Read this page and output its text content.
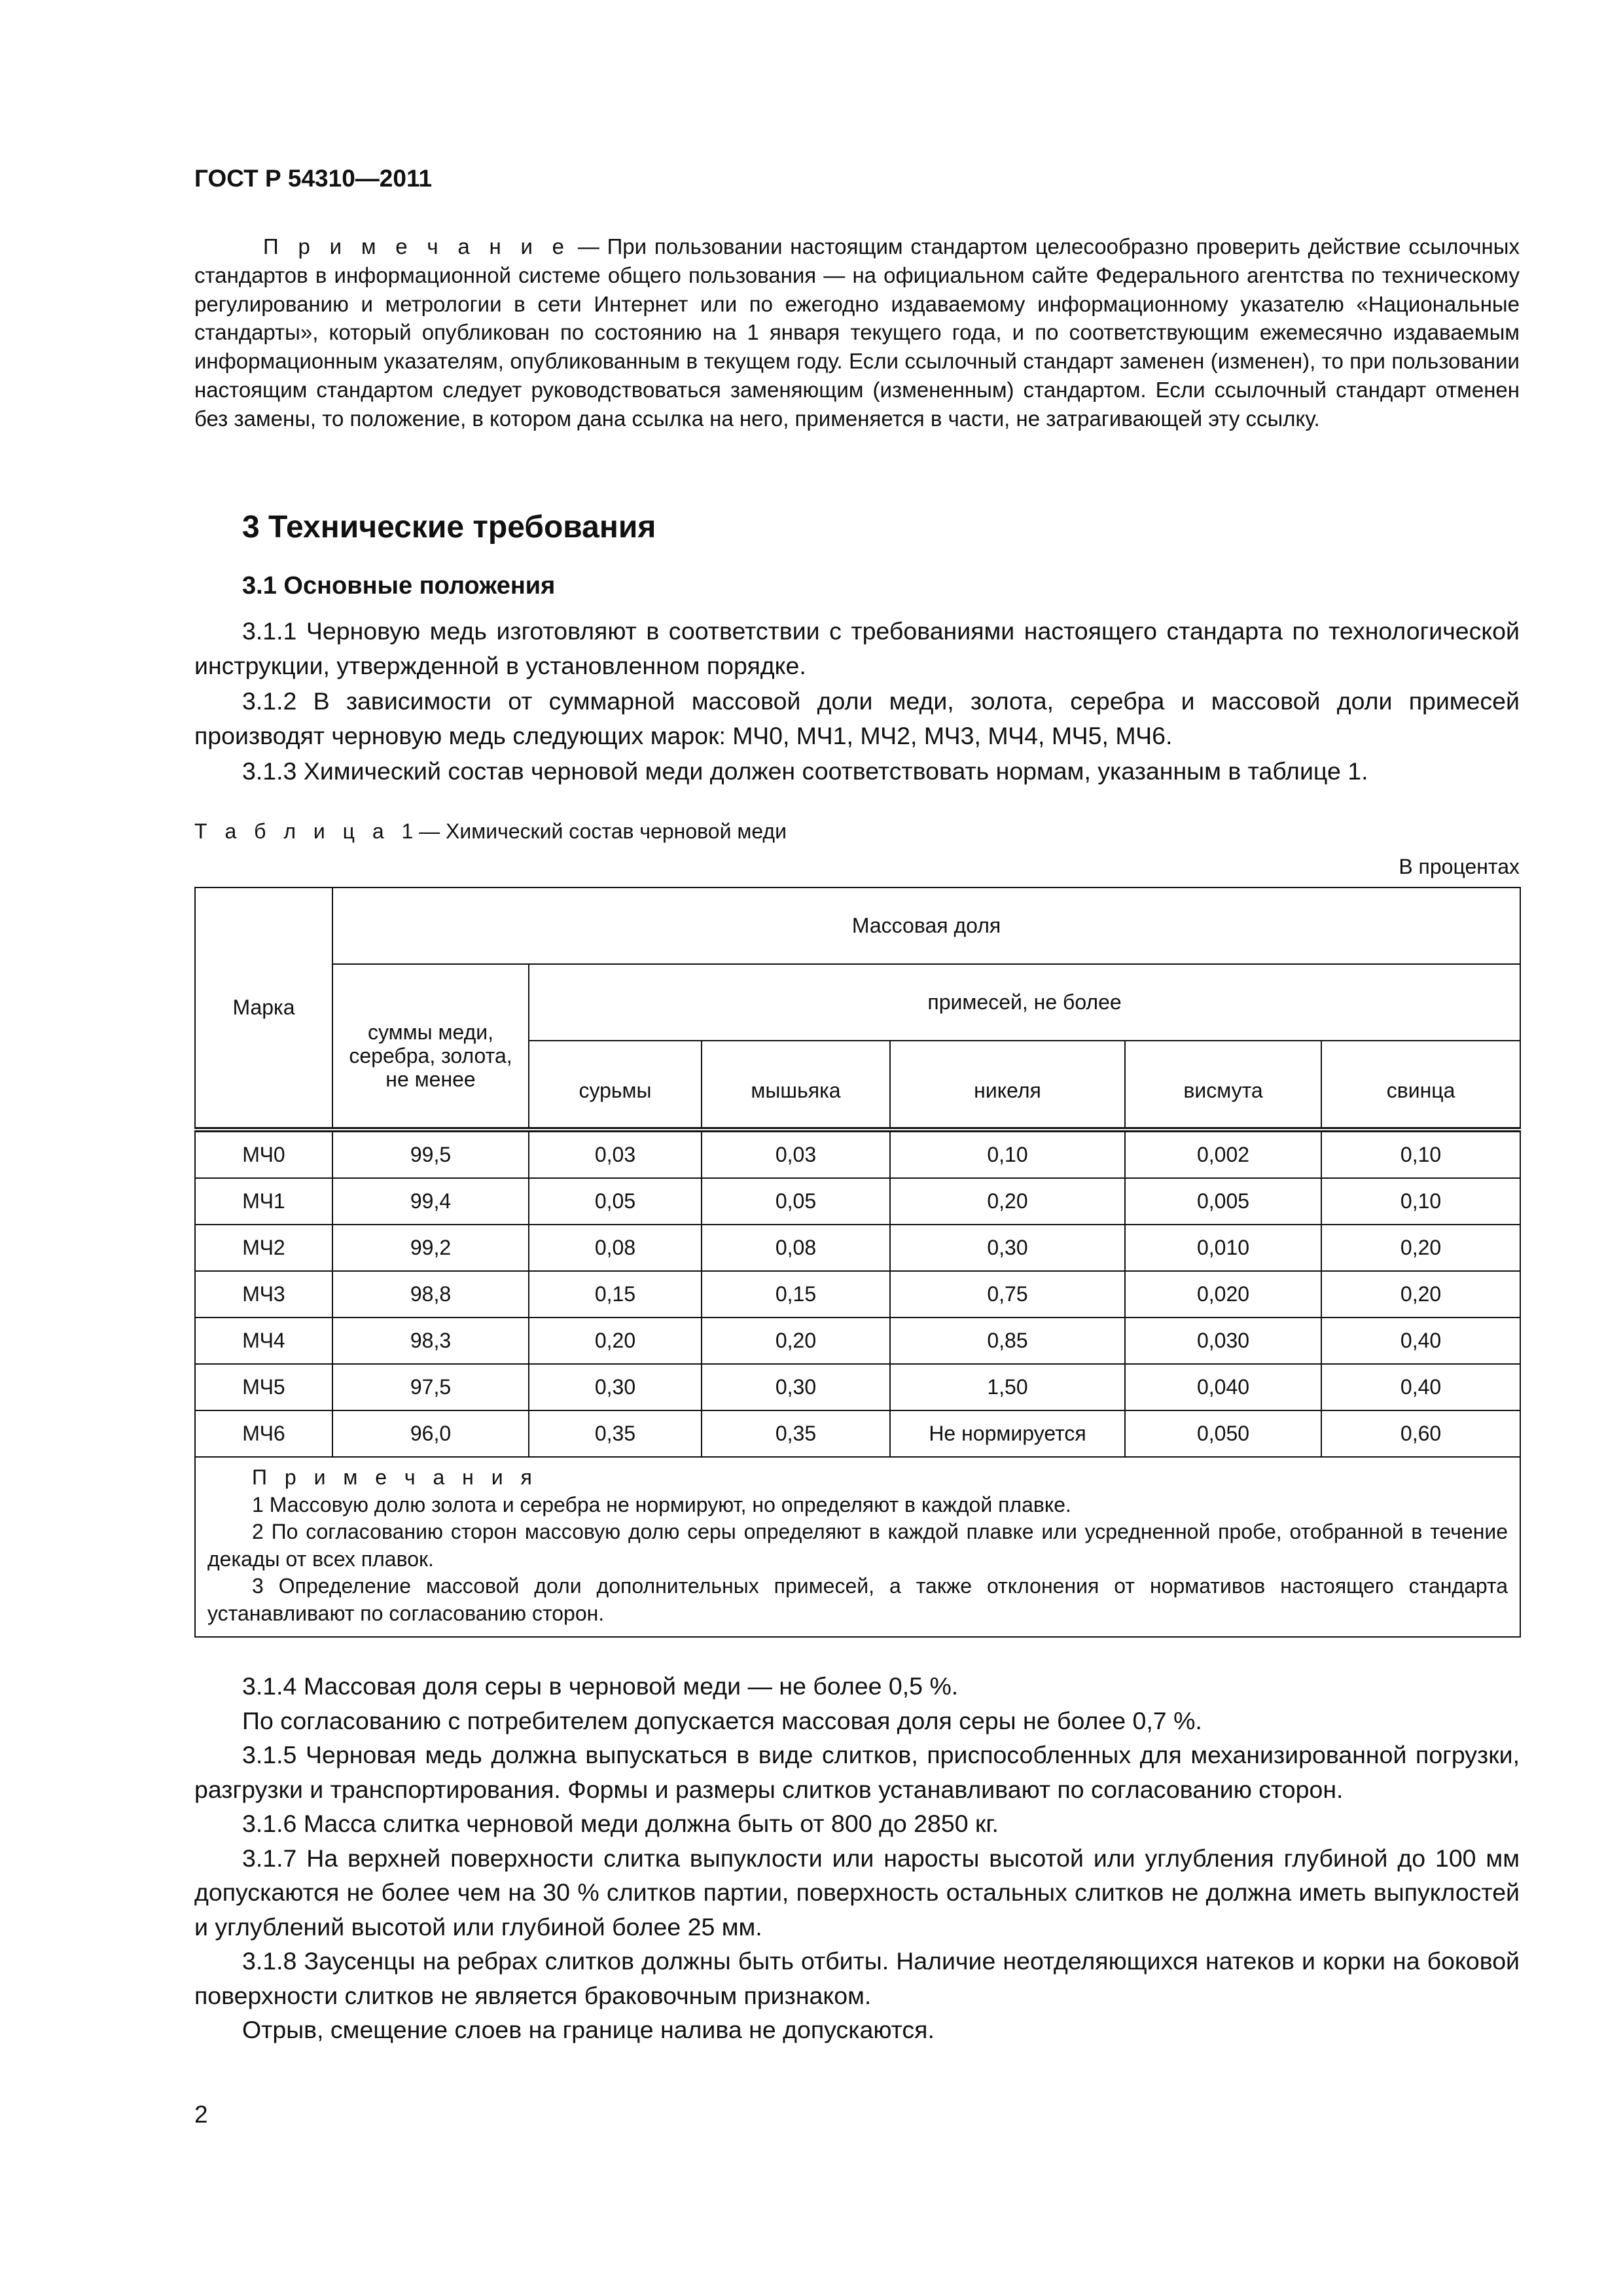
ГОСТ Р 54310—2011

П р и м е ч а н и е — При пользовании настоящим стандартом целесообразно проверить действие ссылочных стандартов в информационной системе общего пользования — на официальном сайте Федерального агентства по техническому регулированию и метрологии в сети Интернет или по ежегодно издаваемому информационному указателю «Национальные стандарты», который опубликован по состоянию на 1 января текущего года, и по соответствующим ежемесячно издаваемым информационным указателям, опубликованным в текущем году. Если ссылочный стандарт заменен (изменен), то при пользовании настоящим стандартом следует руководствоваться заменяющим (измененным) стандартом. Если ссылочный стандарт отменен без замены, то положение, в котором дана ссылка на него, применяется в части, не затрагивающей эту ссылку.

3 Технические требования
3.1 Основные положения

3.1.1 Черновую медь изготовляют в соответствии с требованиями настоящего стандарта по технологической инструкции, утвержденной в установленном порядке.

3.1.2 В зависимости от суммарной массовой доли меди, золота, серебра и массовой доли примесей производят черновую медь следующих марок: МЧ0, МЧ1, МЧ2, МЧ3, МЧ4, МЧ5, МЧ6.

3.1.3 Химический состав черновой меди должен соответствовать нормам, указанным в таблице 1.

Т а б л и ц а  1 — Химический состав черновой меди
В процентах
Марка	Массовая доля					
	суммы меди, серебра, золота, не менее	примесей, не более				
		сурьмы	мышьяка	никеля	висмута	свинца
МЧ0	99,5	0,03	0,03	0,10	0,002	0,10
МЧ1	99,4	0,05	0,05	0,20	0,005	0,10
МЧ2	99,2	0,08	0,08	0,30	0,010	0,20
МЧ3	98,8	0,15	0,15	0,75	0,020	0,20
МЧ4	98,3	0,20	0,20	0,85	0,030	0,40
МЧ5	97,5	0,30	0,30	1,50	0,040	0,40
МЧ6	96,0	0,35	0,35	Не нормируется	0,050	0,60

П р и м е ч а н и я

1 Массовую долю золота и серебра не нормируют, но определяют в каждой плавке.

2 По согласованию сторон массовую долю серы определяют в каждой плавке или усредненной пробе, отобранной в течение декады от всех плавок.

3 Определение массовой доли дополнительных примесей, а также отклонения от нормативов настоящего стандарта устанавливают по согласованию сторон.						

3.1.4 Массовая доля серы в черновой меди — не более 0,5 %.

По согласованию с потребителем допускается массовая доля серы не более 0,7 %.

3.1.5 Черновая медь должна выпускаться в виде слитков, приспособленных для механизированной погрузки, разгрузки и транспортирования. Формы и размеры слитков устанавливают по согласованию сторон.

3.1.6 Масса слитка черновой меди должна быть от 800 до 2850 кг.

3.1.7 На верхней поверхности слитка выпуклости или наросты высотой или углубления глубиной до 100 мм допускаются не более чем на 30 % слитков партии, поверхность остальных слитков не должна иметь выпуклостей и углублений высотой или глубиной более 25 мм.

3.1.8 Заусенцы на ребрах слитков должны быть отбиты. Наличие неотделяющихся натеков и корки на боковой поверхности слитков не является браковочным признаком.

Отрыв, смещение слоев на границе налива не допускаются.

2
